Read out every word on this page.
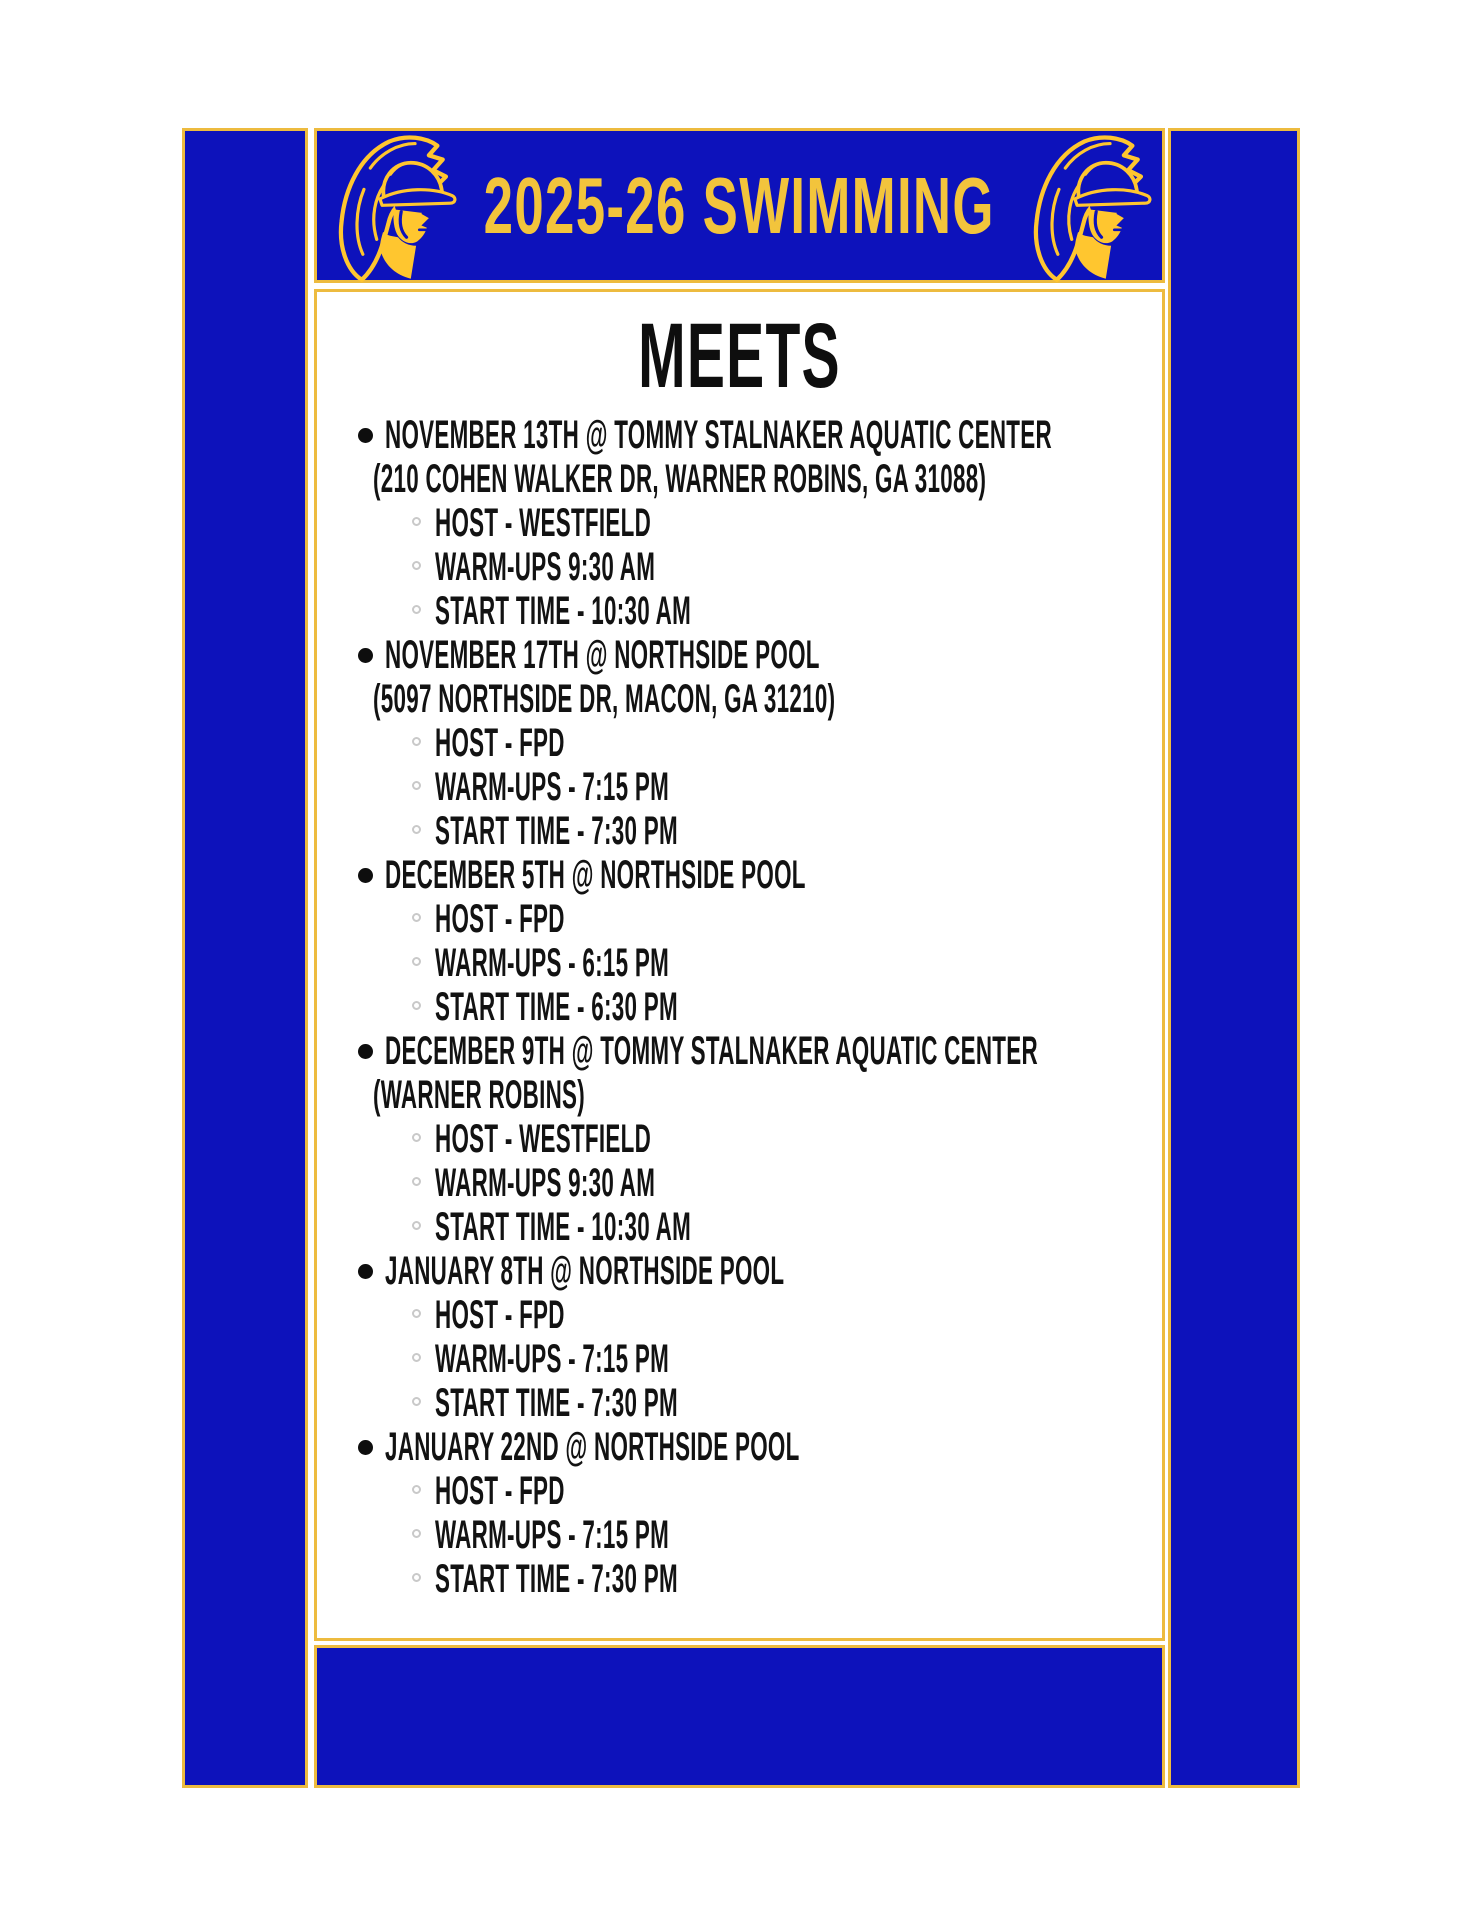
2025-26 SWIMMING
MEETS
NOVEMBER 13TH @ TOMMY STALNAKER AQUATIC CENTER
(210 COHEN WALKER DR, WARNER ROBINS, GA 31088)
HOST - WESTFIELD
WARM-UPS 9:30 AM
START TIME - 10:30 AM
NOVEMBER 17TH @ NORTHSIDE POOL
(5097 NORTHSIDE DR, MACON, GA 31210)
HOST - FPD
WARM-UPS - 7:15 PM
START TIME - 7:30 PM
DECEMBER 5TH @ NORTHSIDE POOL
HOST - FPD
WARM-UPS - 6:15 PM
START TIME - 6:30 PM
DECEMBER 9TH @ TOMMY STALNAKER AQUATIC CENTER
(WARNER ROBINS)
HOST - WESTFIELD
WARM-UPS 9:30 AM
START TIME - 10:30 AM
JANUARY 8TH @ NORTHSIDE POOL
HOST - FPD
WARM-UPS - 7:15 PM
START TIME - 7:30 PM
JANUARY 22ND @ NORTHSIDE POOL
HOST - FPD
WARM-UPS - 7:15 PM
START TIME - 7:30 PM
